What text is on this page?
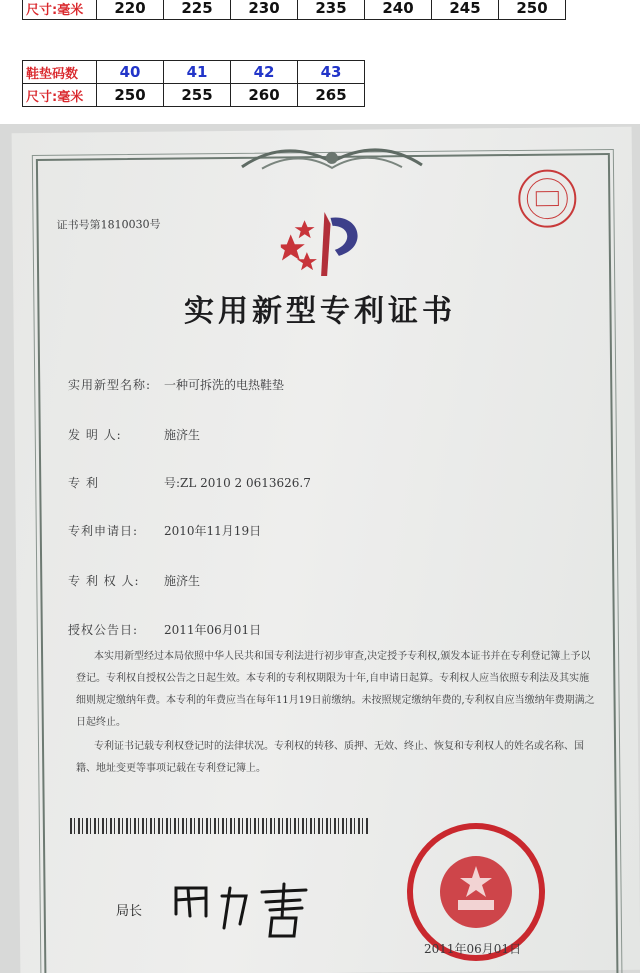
尺寸:毫米	220	225	230	235	240	245	250
鞋垫码数	40	41	42	43
尺寸:毫米	250	255	260	265
证书号第1810030号
实用新型专利证书
实用新型名称: 一种可拆洗的电热鞋垫
发 明 人:	施济生
专 利	号:ZL 2010 2 0613626.7
专利申请日: 2010年11月19日
专 利 权 人: 施济生
授权公告日: 2011年06月01日
本实用新型经过本局依照中华人民共和国专利法进行初步审查,决定授予专利权,颁发本证书并在专利登记簿上予以登记。专利权自授权公告之日起生效。本专利的专利权期限为十年,自申请日起算。专利权人应当依照专利法及其实施细则规定缴纳年费。本专利的年费应当在每年11月19日前缴纳。未按照规定缴纳年费的,专利权自应当缴纳年费期满之日起终止。
专利证书记载专利权登记时的法律状况。专利权的转移、质押、无效、终止、恢复和专利权人的姓名或名称、国籍、地址变更等事项记载在专利登记簿上。
局长
2011年06月01日
